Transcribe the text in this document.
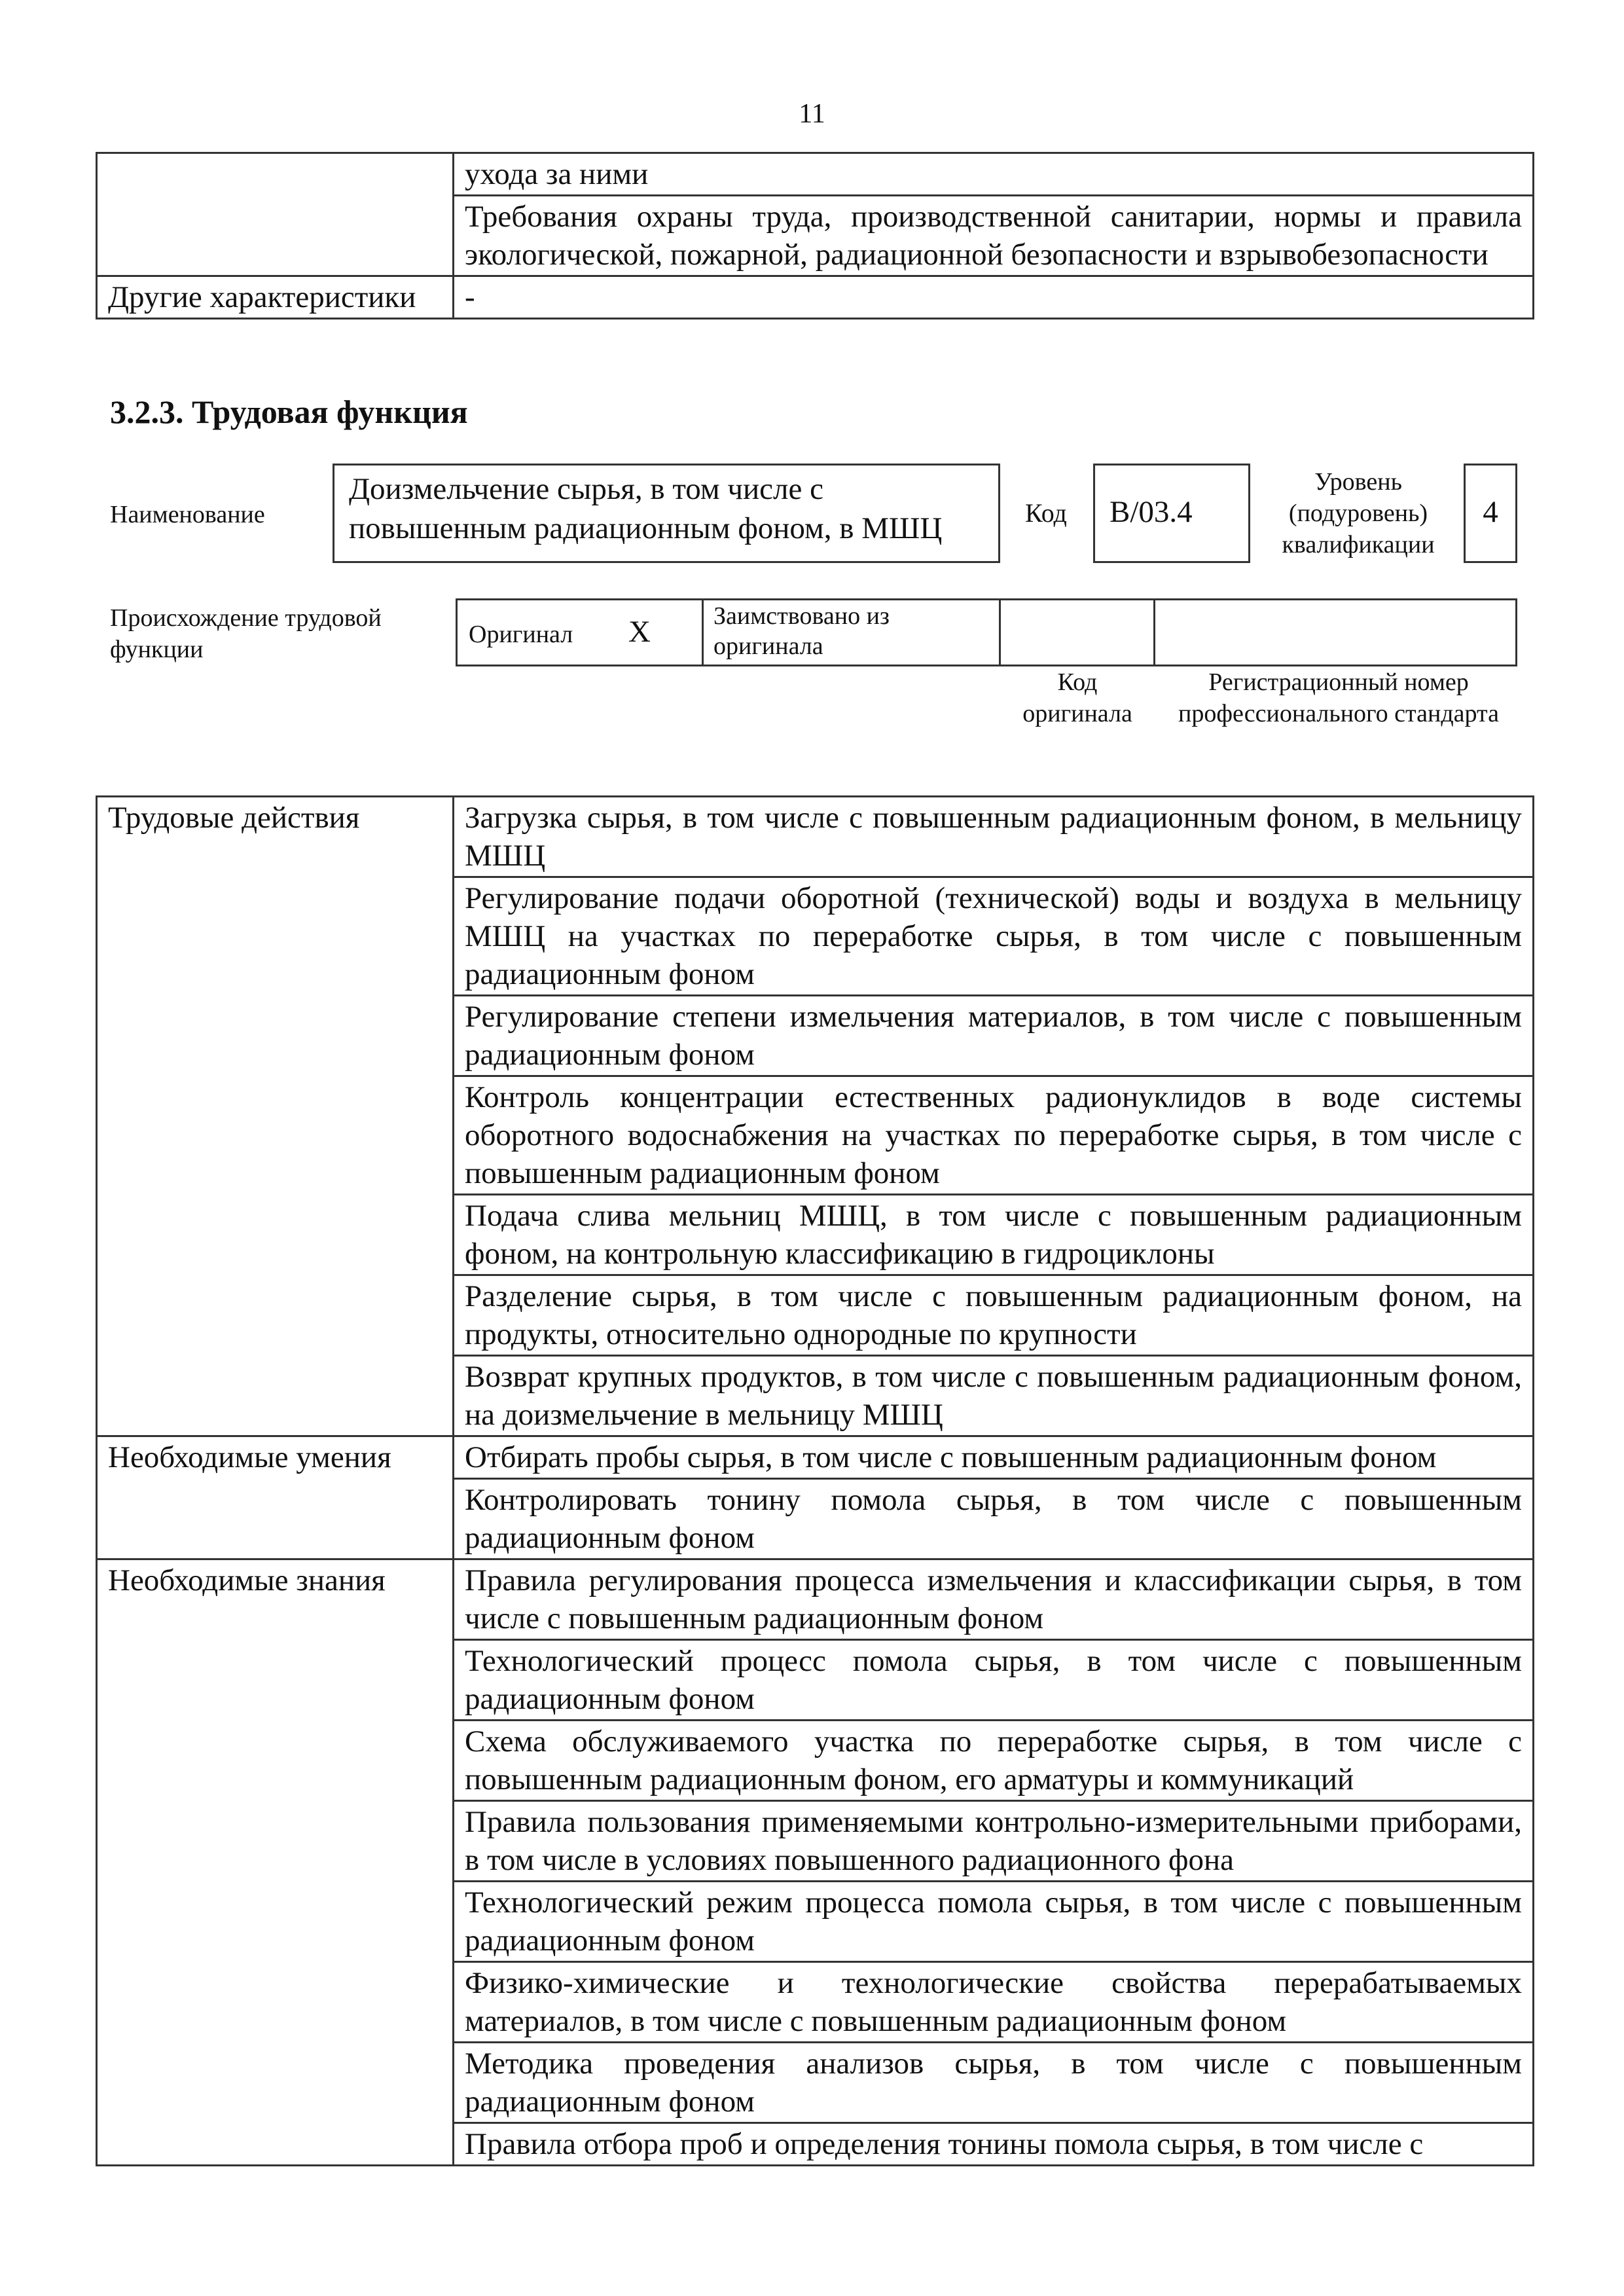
11
	ухода за ними
	Требования охраны труда, производственной санитарии, нормы и правила экологической, пожарной, радиационной безопасности и взрывобезопасности
Другие характеристики	-
3.2.3. Трудовая функция
Наименование
Доизмельчение сырья, в том числе с повышенным радиационным фоном, в МШЦ	Код	B/03.4
Уровень (подуровень) квалификации
4
Происхождение трудовой функции
Оригинал X	Заимствовано из оригинала
Код оригинала
Регистрационный номер профессионального стандарта
Трудовые действия	Загрузка сырья, в том числе с повышенным радиационным фоном, в мельницу МШЦ
	Регулирование подачи оборотной (технической) воды и воздуха в мельницу МШЦ на участках по переработке сырья, в том числе с повышенным радиационным фоном
	Регулирование степени измельчения материалов, в том числе с повышенным радиационным фоном
	Контроль концентрации естественных радионуклидов в воде системы оборотного водоснабжения на участках по переработке сырья, в том числе с повышенным радиационным фоном
	Подача слива мельниц МШЦ, в том числе с повышенным радиационным фоном, на контрольную классификацию в гидроциклоны
	Разделение сырья, в том числе с повышенным радиационным фоном, на продукты, относительно однородные по крупности
	Возврат крупных продуктов, в том числе с повышенным радиационным фоном, на доизмельчение в мельницу МШЦ
Необходимые умения	Отбирать пробы сырья, в том числе с повышенным радиационным фоном
	Контролировать тонину помола сырья, в том числе с повышенным радиационным фоном
Необходимые знания	Правила регулирования процесса измельчения и классификации сырья, в том числе с повышенным радиационным фоном
	Технологический процесс помола сырья, в том числе с повышенным радиационным фоном
	Схема обслуживаемого участка по переработке сырья, в том числе с повышенным радиационным фоном, его арматуры и коммуникаций
	Правила пользования применяемыми контрольно-измерительными приборами, в том числе в условиях повышенного радиационного фона
	Технологический режим процесса помола сырья, в том числе с повышенным радиационным фоном
	Физико-химические и технологические свойства перерабатываемых материалов, в том числе с повышенным радиационным фоном
	Методика проведения анализов сырья, в том числе с повышенным радиационным фоном
	Правила отбора проб и определения тонины помола сырья, в том числе с
